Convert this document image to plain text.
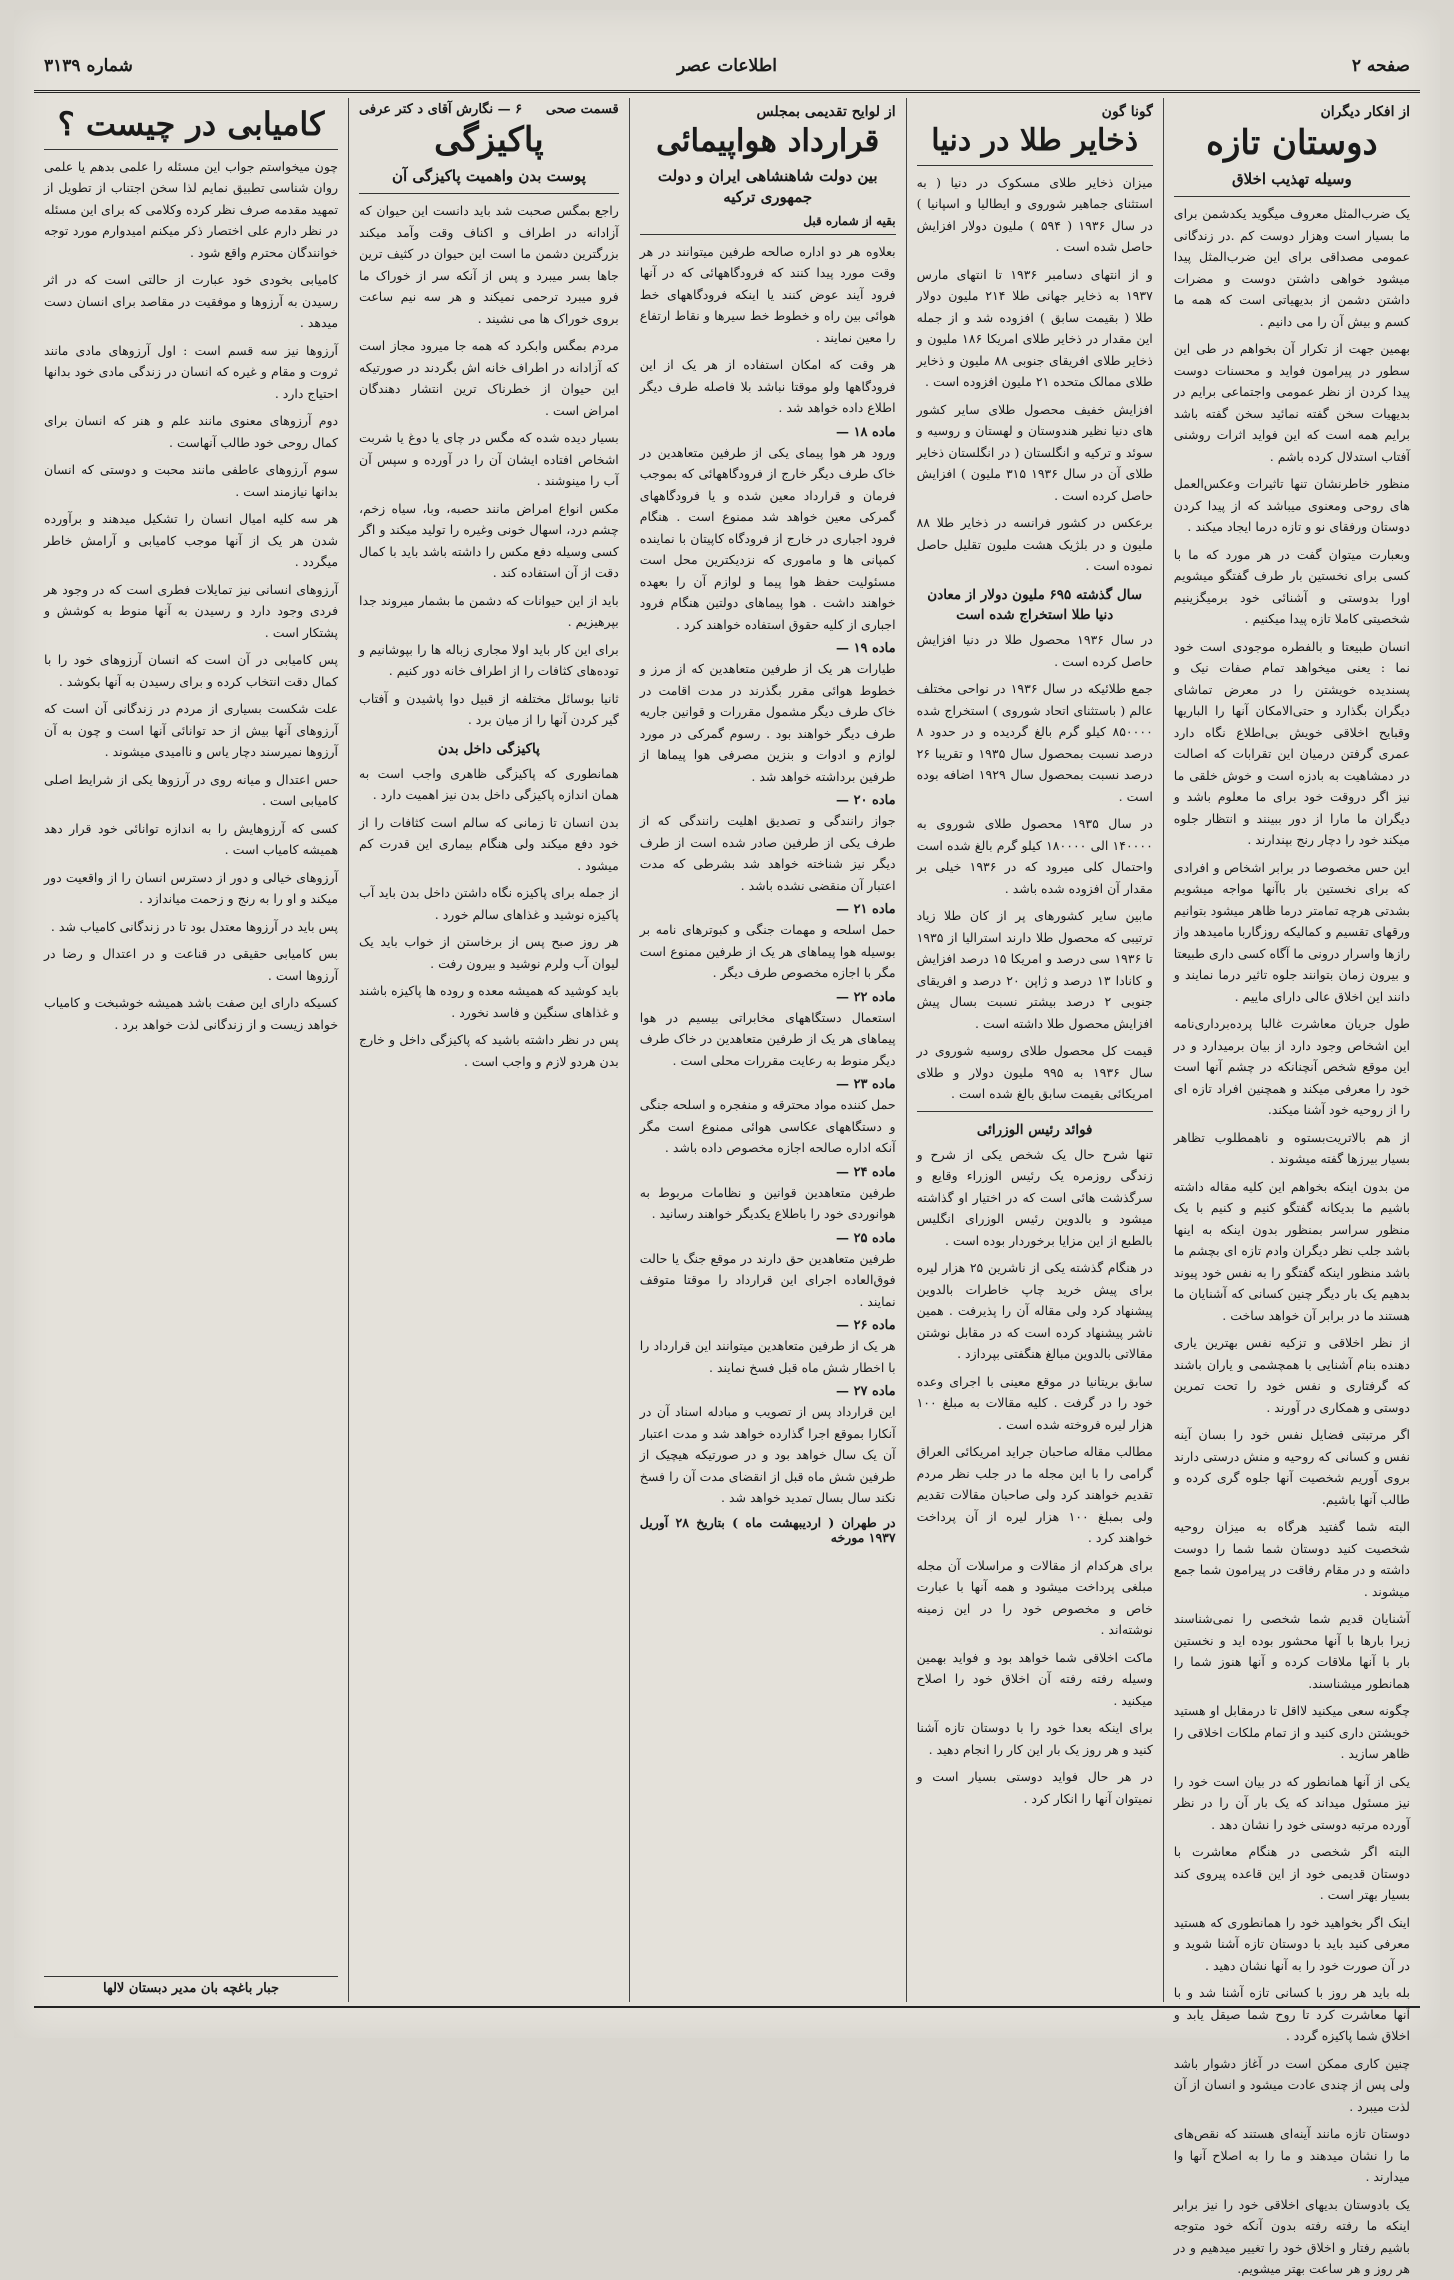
صفحه ۲
اطلاعات عصر
شماره ۳۱۳۹
از افکار دیگران
دوستان تازه
وسیله تهذیب اخلاق

یک ضرب‌المثل معروف میگوید یکدشمن برای ما بسیار است وهزار دوست کم .در زندگانی عمومی مصداقی برای این ضرب‌المثل پیدا میشود خواهی داشتن دوست و مضرات داشتن دشمن از بدیهیاتی است که همه ما کسم و بیش آن را می دانیم .

بهمین جهت از تکرار آن بخواهم در طی این سطور در پیرامون فواید و محسنات دوست پیدا کردن از نظر عمومی واجتماعی برایم در بدیهیات سخن گفته نمائید سخن گفته باشد برایم همه است که این فواید اثرات روشنی آفتاب استدلال کرده باشم .

منظور خاطرنشان تنها تاثیرات وعکس‌العمل های روحی ومعنوی میباشد که از پیدا کردن دوستان ورفقای نو و تازه درما ایجاد میکند .

وبعبارت میتوان گفت در هر مورد که ما با کسی برای نخستین بار طرف گفتگو میشویم اورا بدوستی و آشنائی خود برمیگزینیم شخصیتی کاملا تازه پیدا میکنیم .

انسان طبیعتا و بالفطره موجودی است خود نما : یعنی میخواهد تمام صفات نیک و پسندیده خویشتن را در معرض تماشای دیگران بگذارد و حتی‌الامکان آنها را الباریها وقبایح اخلاقی خویش بی‌اطلاع نگاه دارد عمری گرفتن درمیان این تقرابات که اصالت در دمشاهیت به بادزه است و خوش خلقی ما نیز اگر دروقت خود برای ما معلوم باشد و دیگران ما مارا از دور ببینند و انتظار جلوه میکند خود را دچار رنج بپندارند .

این حس مخصوصا در برابر اشخاص و افرادی که برای نخستین بار باآنها مواجه میشویم بشدتی هرچه تمامتر درما ظاهر میشود بتوانیم ورقهای تقسیم و کمالیکه روزگاربا مامیدهد واز رازها واسرار درونی ما آگاه کسی داری طبیعتا و بیرون زمان بتوانند جلوه تاثیر درما نمایند و دانند این اخلاق عالی دارای ماییم .

طول جریان معاشرت غالبا پرده‌برداری‌نامه این اشخاص وجود دارد از بیان برمیدارد و در این موقع شخص آنچنانکه در چشم آنها است خود را معرفی میکند و همچنین افراد تازه ای را از روحیه خود آشنا میکند.

از هم بالاتریت‌بستوه و ناهمطلوب تظاهر بسیار بیرزها گفته میشوند .

من بدون اینکه بخواهم این کلیه مقاله داشته باشیم ما بدیکانه گفتگو کنیم و کنیم با یک منظور سراسر بمنظور بدون اینکه به اینها باشد جلب نظر دیگران وادم تازه ای بچشم ما باشد منظور اینکه گفتگو را به نفس خود پیوند بدهیم یک بار دیگر چنین کسانی که آشنایان ما هستند ما در برابر آن خواهد ساخت .

از نظر اخلاقی و تزکیه نفس بهترین یاری دهنده بنام آشنایی با همچشمی و یاران باشند که گرفتاری و نفس خود را تحت تمرین دوستی و همکاری در آورند .

اگر مرتبتی فضایل نفس خود را بسان آینه نفس و کسانی که روحیه و منش درستی دارند بروی آوریم شخصیت آنها جلوه گری کرده و طالب آنها باشیم.

البته شما گفتید هرگاه به میزان روحیه شخصیت کنید دوستان شما شما را دوست داشته و در مقام رفاقت در پیرامون شما جمع میشوند .

آشنایان قدیم شما شخصی را نمی‌شناسند زیرا بارها با آنها محشور بوده اید و نخستین بار با آنها ملاقات کرده و آنها هنوز شما را همانطور میشناسند.

چگونه سعی میکنید لااقل تا درمقابل او هستید خویشتن داری کنید و از تمام ملکات اخلاقی را ظاهر سازید .

یکی از آنها همانطور که در بیان است خود را نیز مسئول میداند که یک بار آن را در نظر آورده مرتبه دوستی خود را نشان دهد .

البته اگر شخصی در هنگام معاشرت با دوستان قدیمی خود از این قاعده پیروی کند بسیار بهتر است .

اینک اگر بخواهید خود را همانطوری که هستید معرفی کنید باید با دوستان تازه آشنا شوید و در آن صورت خود را به آنها نشان دهید .

بله باید هر روز با کسانی تازه آشنا شد و با آنها معاشرت کرد تا روح شما صیقل یابد و اخلاق شما پاکیزه گردد .

چنین کاری ممکن است در آغاز دشوار باشد ولی پس از چندی عادت میشود و انسان از آن لذت میبرد .

دوستان تازه مانند آینه‌ای هستند که نقص‌های ما را نشان میدهند و ما را به اصلاح آنها وا میدارند .

یک بادوستان بدیهای اخلاقی خود را نیز برابر اینکه ما رفته رفته بدون آنکه خود متوجه باشیم رفتار و اخلاق خود را تغییر میدهیم و در هر روز و هر ساعت بهتر میشویم.

گونا گون
ذخایر طلا در دنیا

میزان ذخایر طلای مسکوک در دنیا ( به استثنای جماهیر شوروی و ایطالیا و اسپانیا ) در سال ۱۹۳۶ ( ۵۹۴ ) ملیون دولار افزایش حاصل شده است .

و از انتهای دسامبر ۱۹۳۶ تا انتهای مارس ۱۹۳۷ به ذخایر جهانی طلا ۲۱۴ ملیون دولار طلا ( بقیمت سابق ) افزوده شد و از جمله این مقدار در ذخایر طلای امریکا ۱۸۶ ملیون و ذخایر طلای افریقای جنوبی ۸۸ ملیون و ذخایر طلای ممالک متحده ۲۱ ملیون افزوده است .

افزایش خفیف محصول طلای سایر کشور های دنیا نظیر هندوستان و لهستان و روسیه و سوئد و ترکیه و انگلستان ( در انگلستان ذخایر طلای آن در سال ۱۹۳۶ ۳۱۵ ملیون ) افزایش حاصل کرده است .

برعکس در کشور فرانسه در ذخایر طلا ۸۸ ملیون و در بلژیک هشت ملیون تقلیل حاصل نموده است .

سال گذشته ۶۹۵ ملیون دولار از معادن دنیا طلا استخراج شده است

در سال ۱۹۳۶ محصول طلا در دنیا افزایش حاصل کرده است .

جمع طلائیکه در سال ۱۹۳۶ در نواحی مختلف عالم ( باستثنای اتحاد شوروی ) استخراج شده ۸۵۰۰۰۰ کیلو گرم بالغ گردیده و در حدود ۸ درصد نسبت بمحصول سال ۱۹۳۵ و تقریبا ۲۶ درصد نسبت بمحصول سال ۱۹۲۹ اضافه بوده است .

در سال ۱۹۳۵ محصول طلای شوروی به ۱۴۰۰۰۰ الی ۱۸۰۰۰۰ کیلو گرم بالغ شده است واحتمال کلی میرود که در ۱۹۳۶ خیلی بر مقدار آن افزوده شده باشد .

مابین سایر کشورهای پر از کان طلا زیاد ترتیبی که محصول طلا دارند استرالیا از ۱۹۳۵ تا ۱۹۳۶ سی درصد و امریکا ۱۵ درصد افزایش و کانادا ۱۳ درصد و ژاپن ۲۰ درصد و افریقای جنوبی ۲ درصد بیشتر نسبت بسال پیش افزایش محصول طلا داشته است .

قیمت کل محصول طلای روسیه شوروی در سال ۱۹۳۶ به ۹۹۵ ملیون دولار و طلای امریکائی بقیمت سابق بالغ شده است .

فوائد رئیس الوزرائی

تنها شرح حال یک شخص یکی از شرح و زندگی روزمره یک رئیس الوزراء وقایع و سرگذشت هائی است که در اختیار او گذاشته میشود و بالدوین رئیس الوزرای انگلیس بالطبع از این مزایا برخوردار بوده است .

در هنگام گذشته یکی از ناشرین ۲۵ هزار لیره برای پیش خرید چاپ خاطرات بالدوین پیشنهاد کرد ولی مقاله آن را پذیرفت . همین ناشر پیشنهاد کرده است که در مقابل نوشتن مقالاتی بالدوین مبالغ هنگفتی بپردازد .

سابق بریتانیا در موقع معینی با اجرای وعده خود را در گرفت . کلیه مقالات به مبلغ ۱۰۰ هزار لیره فروخته شده است .

مطالب مقاله صاحبان جراید امریکائی العراق گرامی را با این مجله ما در جلب نظر مردم تقدیم خواهند کرد ولی صاحبان مقالات تقدیم ولی بمبلغ ۱۰۰ هزار لیره از آن پرداخت خواهند کرد .

برای هرکدام از مقالات و مراسلات آن مجله مبلغی پرداخت میشود و همه آنها با عبارت خاص و مخصوص خود را در این زمینه نوشته‌اند .

ماکت اخلاقی شما خواهد بود و فواید بهمین وسیله رفته رفته آن اخلاق خود را اصلاح میکنید .

برای اینکه بعدا خود را با دوستان تازه آشنا کنید و هر روز یک بار این کار را انجام دهید .

در هر حال فواید دوستی بسیار است و نمیتوان آنها را انکار کرد .

از لوایح تقدیمی بمجلس
قرارداد هواپیمائی
بین دولت شاهنشاهی ایران و دولت جمهوری ترکیه
بقیه از شماره قبل

بعلاوه هر دو اداره صالحه طرفین میتوانند در هر وقت مورد پیدا کنند که فرودگاههائی که در آنها فرود آیند عوض کنند یا اینکه فرودگاههای خط هوائی بین راه و خطوط خط سیرها و نقاط ارتفاع را معین نمایند .

هر وقت که امکان استفاده از هر یک از این فرودگاهها ولو موقتا نباشد بلا فاصله طرف دیگر اطلاع داده خواهد شد .

ماده ۱۸ —

ورود هر هوا پیمای یکی از طرفین متعاهدین در خاک طرف دیگر خارج از فرودگاههائی که بموجب فرمان و قرارداد معین شده و یا فرودگاههای گمرکی معین خواهد شد ممنوع است . هنگام فرود اجباری در خارج از فرودگاه کاپیتان با نماینده کمپانی ها و ماموری که نزدیکترین محل است مسئولیت حفظ هوا پیما و لوازم آن را بعهده خواهند داشت . هوا پیماهای دولتین هنگام فرود اجباری از کلیه حقوق استفاده خواهند کرد .

ماده ۱۹ —

طیارات هر یک از طرفین متعاهدین که از مرز و خطوط هوائی مقرر بگذرند در مدت اقامت در خاک طرف دیگر مشمول مقررات و قوانین جاریه طرف دیگر خواهند بود . رسوم گمرکی در مورد لوازم و ادوات و بنزین مصرفی هوا پیماها از طرفین برداشته خواهد شد .

ماده ۲۰ —

جواز رانندگی و تصدیق اهلیت رانندگی که از طرف یکی از طرفین صادر شده است از طرف دیگر نیز شناخته خواهد شد بشرطی که مدت اعتبار آن منقضی نشده باشد .

ماده ۲۱ —

حمل اسلحه و مهمات جنگی و کبوترهای نامه بر بوسیله هوا پیماهای هر یک از طرفین ممنوع است مگر با اجازه مخصوص طرف دیگر .

ماده ۲۲ —

استعمال دستگاههای مخابراتی بیسیم در هوا پیماهای هر یک از طرفین متعاهدین در خاک طرف دیگر منوط به رعایت مقررات محلی است .

ماده ۲۳ —

حمل کننده مواد محترقه و منفجره و اسلحه جنگی و دستگاههای عکاسی هوائی ممنوع است مگر آنکه اداره صالحه اجازه مخصوص داده باشد .

ماده ۲۴ —

طرفین متعاهدین قوانین و نظامات مربوط به هوانوردی خود را باطلاع یکدیگر خواهند رسانید .

ماده ۲۵ —

طرفین متعاهدین حق دارند در موقع جنگ یا حالت فوق‌العاده اجرای این قرارداد را موقتا متوقف نمایند .

ماده ۲۶ —

هر یک از طرفین متعاهدین میتوانند این قرارداد را با اخطار شش ماه قبل فسخ نمایند .

ماده ۲۷ —

این قرارداد پس از تصویب و مبادله اسناد آن در آنکارا بموقع اجرا گذارده خواهد شد و مدت اعتبار آن یک سال خواهد بود و در صورتیکه هیچیک از طرفین شش ماه قبل از انقضای مدت آن را فسخ نکند سال بسال تمدید خواهد شد .

در طهران ( اردیبهشت ماه ) بتاریخ ۲۸ آوریل ۱۹۳۷ مورخه
قسمت صحی
۶ — نگارش آقای د کتر عرفی
پاکیزگی
پوست بدن واهمیت پاکیزگی آن

راجع بمگس صحبت شد باید دانست این حیوان که آزادانه در اطراف و اکناف وقت وآمد میکند بزرگترین دشمن ما است این حیوان در کثیف ترین جاها بسر میبرد و پس از آنکه سر از خوراک ما فرو میبرد ترحمی نمیکند و هر سه نیم ساعت بروی خوراک ها می نشیند .

مردم بمگس وابکرد که همه جا میرود مجاز است که آزادانه در اطراف خانه اش بگردند در صورتیکه این حیوان از خطرناک ترین انتشار دهندگان امراض است .

بسیار دیده شده که مگس در چای یا دوغ یا شربت اشخاص افتاده ایشان آن را در آورده و سپس آن آب را مینوشند .

مکس انواع امراض مانند حصبه، وبا، سیاه زخم، چشم درد، اسهال خونی وغیره را تولید میکند و اگر کسی وسیله دفع مکس را داشته باشد باید با کمال دقت از آن استفاده کند .

باید از این حیوانات که دشمن ما بشمار میروند جدا بپرهیزیم .

برای این کار باید اولا مجاری زباله ها را بپوشانیم و توده‌های کثافات را از اطراف خانه دور کنیم .

ثانیا بوسائل مختلفه از قبیل دوا پاشیدن و آفتاب گیر کردن آنها را از میان برد .

پاکیزگی داخل بدن

همانطوری که پاکیزگی ظاهری واجب است به همان اندازه پاکیزگی داخل بدن نیز اهمیت دارد .

بدن انسان تا زمانی که سالم است کثافات را از خود دفع میکند ولی هنگام بیماری این قدرت کم میشود .

از جمله برای پاکیزه نگاه داشتن داخل بدن باید آب پاکیزه نوشید و غذاهای سالم خورد .

هر روز صبح پس از برخاستن از خواب باید یک لیوان آب ولرم نوشید و بیرون رفت .

باید کوشید که همیشه معده و روده ها پاکیزه باشند و غذاهای سنگین و فاسد نخورد .

پس در نظر داشته باشید که پاکیزگی داخل و خارج بدن هردو لازم و واجب است .

کامیابی در چیست ؟

چون میخواستم جواب این مسئله را علمی بدهم یا علمی روان شناسی تطبیق نمایم لذا سخن اجتناب از تطویل از تمهید مقدمه صرف نظر کرده وکلامی که برای این مسئله در نظر دارم علی اختصار ذکر میکنم امیدوارم مورد توجه خوانندگان محترم واقع شود .

کامیابی بخودی خود عبارت از حالتی است که در اثر رسیدن به آرزوها و موفقیت در مقاصد برای انسان دست میدهد .

آرزوها نیز سه قسم است : اول آرزوهای مادی مانند ثروت و مقام و غیره که انسان در زندگی مادی خود بدانها احتیاج دارد .

دوم آرزوهای معنوی مانند علم و هنر که انسان برای کمال روحی خود طالب آنهاست .

سوم آرزوهای عاطفی مانند محبت و دوستی که انسان بدانها نیازمند است .

هر سه کلیه امیال انسان را تشکیل میدهند و برآورده شدن هر یک از آنها موجب کامیابی و آرامش خاطر میگردد .

آرزوهای انسانی نیز تمایلات فطری است که در وجود هر فردی وجود دارد و رسیدن به آنها منوط به کوشش و پشتکار است .

پس کامیابی در آن است که انسان آرزوهای خود را با کمال دقت انتخاب کرده و برای رسیدن به آنها بکوشد .

علت شکست بسیاری از مردم در زندگانی آن است که آرزوهای آنها بیش از حد توانائی آنها است و چون به آن آرزوها نمیرسند دچار یاس و ناامیدی میشوند .

حس اعتدال و میانه روی در آرزوها یکی از شرایط اصلی کامیابی است .

کسی که آرزوهایش را به اندازه توانائی خود قرار دهد همیشه کامیاب است .

آرزوهای خیالی و دور از دسترس انسان را از واقعیت دور میکند و او را به رنج و زحمت میاندازد .

پس باید در آرزوها معتدل بود تا در زندگانی کامیاب شد .

بس کامیابی حقیقی در قناعت و در اعتدال و رضا در آرزوها است .

کسیکه دارای این صفت باشد همیشه خوشبخت و کامیاب خواهد زیست و از زندگانی لذت خواهد برد .

جبار باغچه بان مدیر دبستان لالها
